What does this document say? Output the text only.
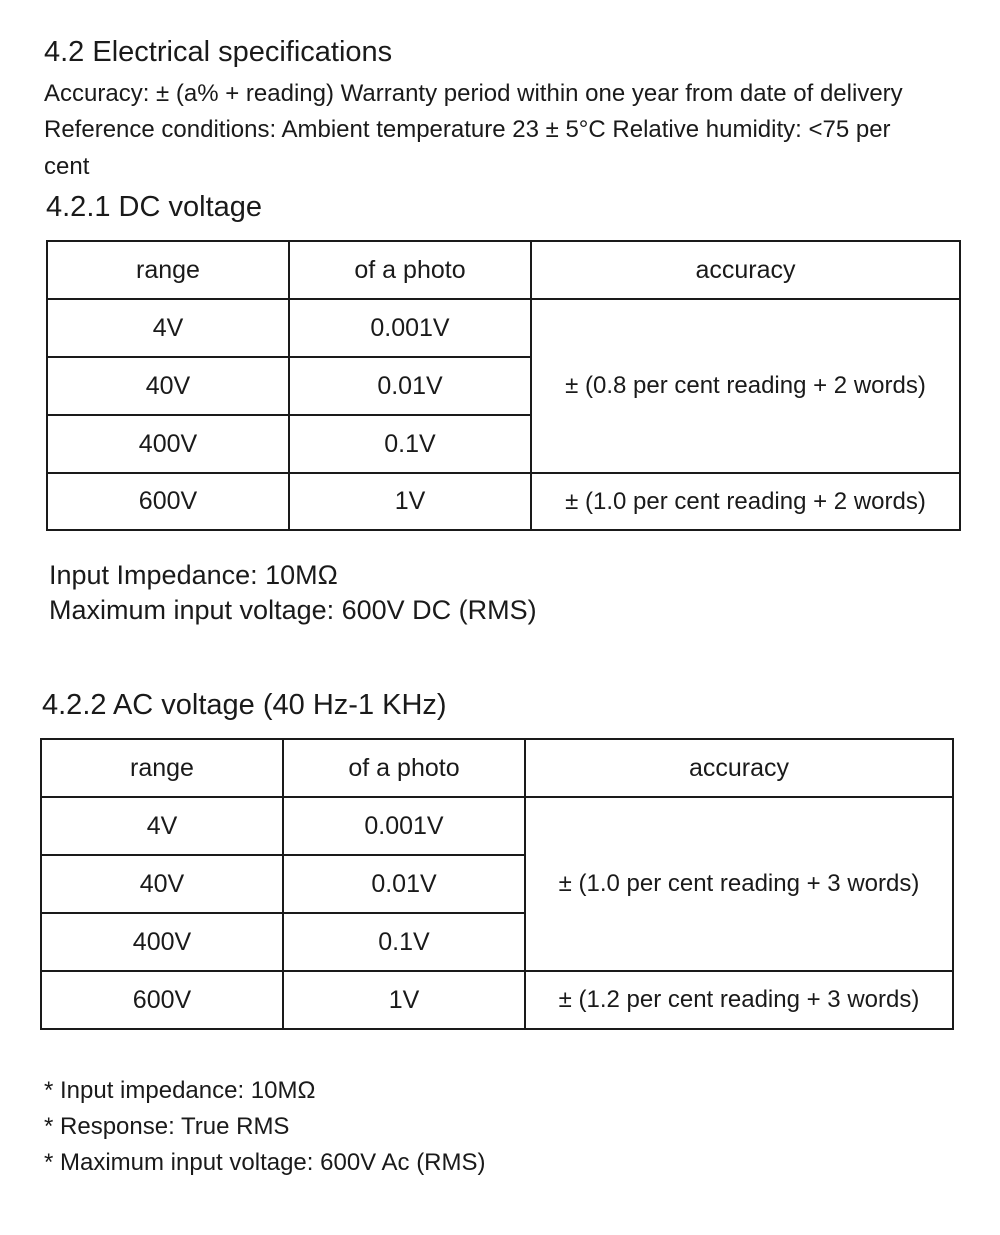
4.2 Electrical specifications
Accuracy: ± (a% + reading) Warranty period within one year from date of delivery
Reference conditions: Ambient temperature 23 ± 5°C Relative humidity: <75 per
cent
4.2.1 DC voltage
range	of a photo	accuracy
4V	0.001V	± (0.8 per cent reading + 2 words)
40V	0.01V	
400V	0.1V	
600V	1V	± (1.0 per cent reading + 2 words)
Input Impedance: 10MΩ
Maximum input voltage: 600V DC (RMS)
4.2.2 AC voltage (40 Hz-1 KHz)
range	of a photo	accuracy
4V	0.001V	± (1.0 per cent reading + 3 words)
40V	0.01V	
400V	0.1V	
600V	1V	± (1.2 per cent reading + 3 words)
* Input impedance: 10MΩ
* Response: True RMS
* Maximum input voltage: 600V Ac (RMS)
